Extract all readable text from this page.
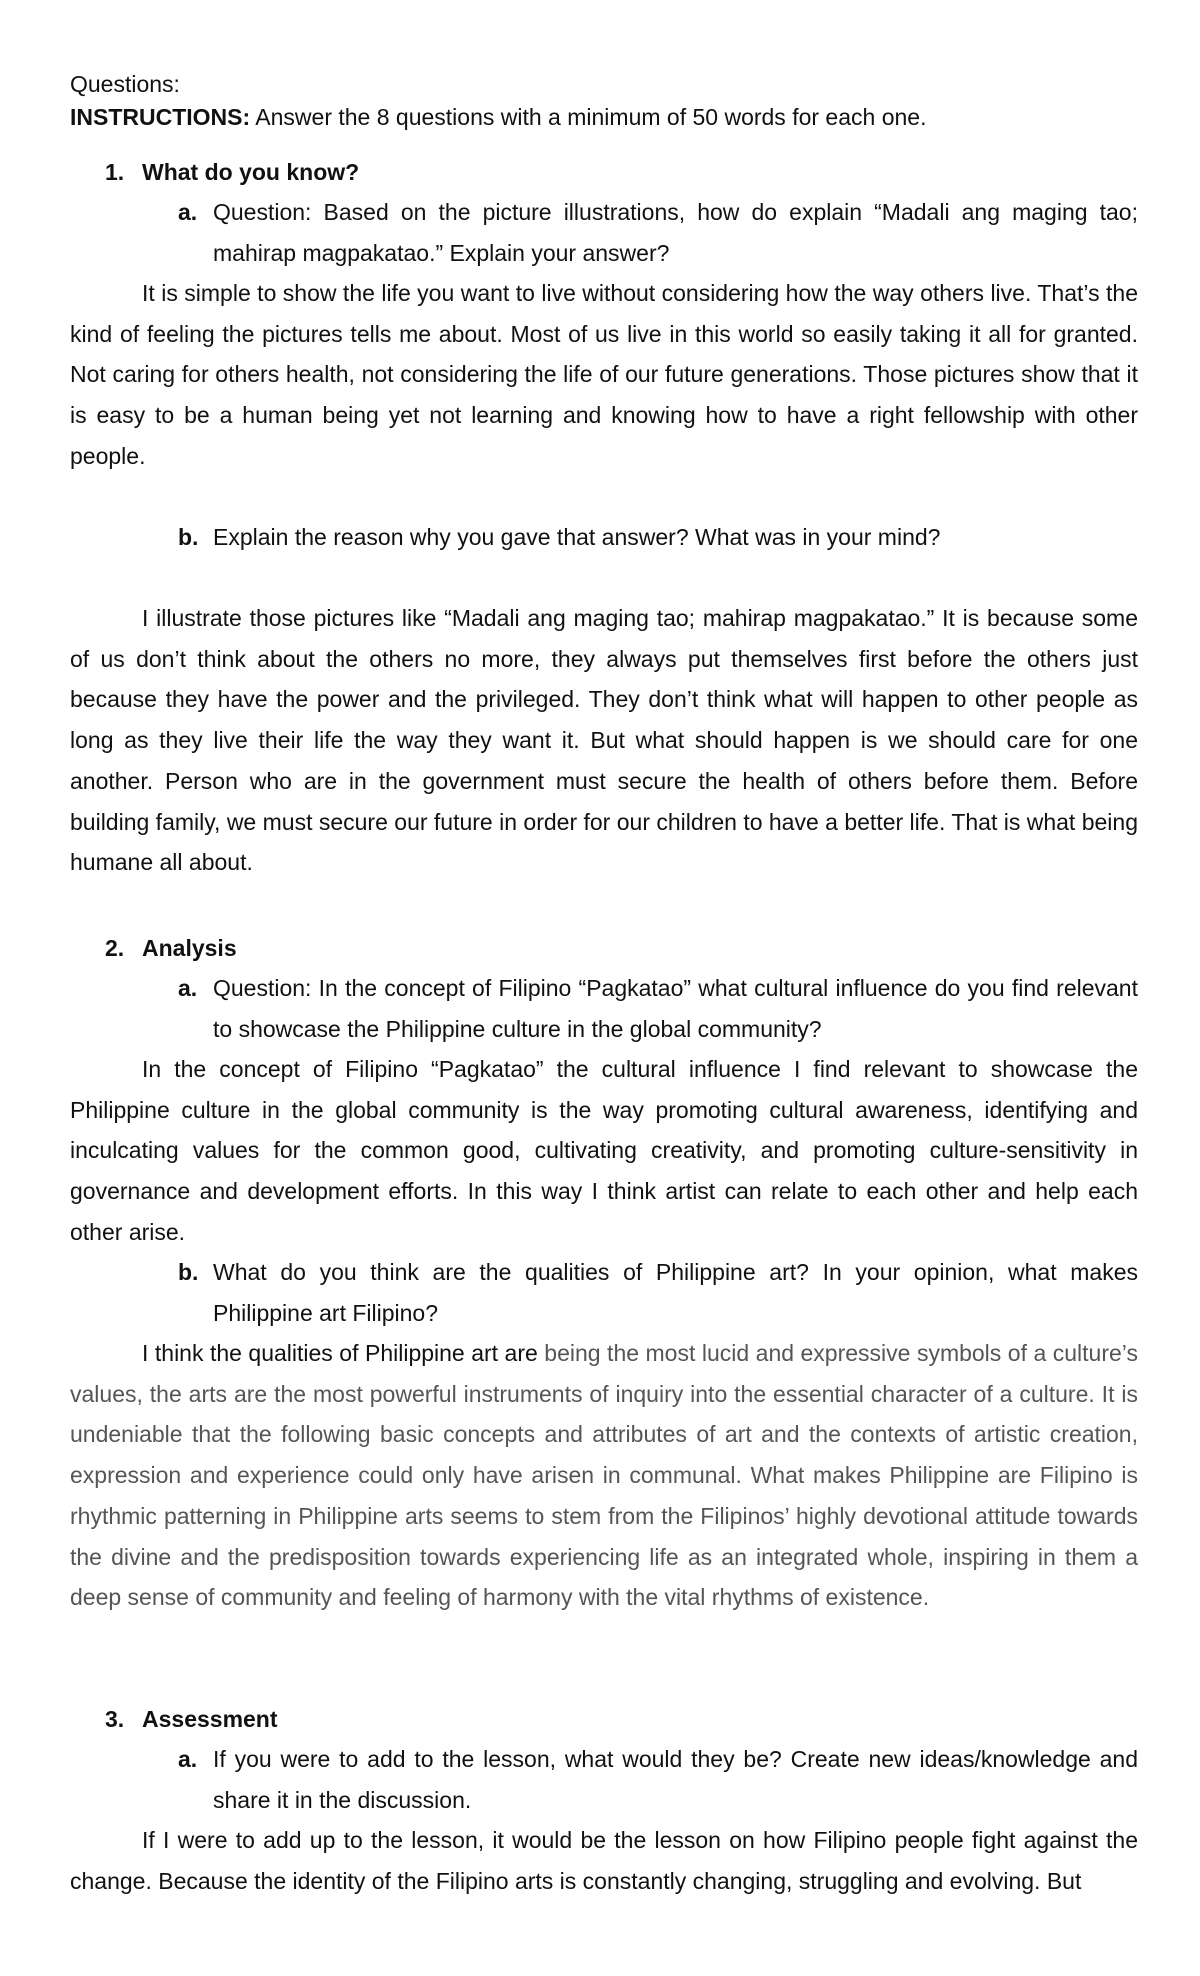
Questions:
INSTRUCTIONS: Answer the 8 questions with a minimum of 50 words for each one.
1. What do you know?
a. Question: Based on the picture illustrations, how do explain “Madali ang maging tao; mahirap magpakatao.” Explain your answer?
It is simple to show the life you want to live without considering how the way others live. That’s the kind of feeling the pictures tells me about. Most of us live in this world so easily taking it all for granted. Not caring for others health, not considering the life of our future generations. Those pictures show that it is easy to be a human being yet not learning and knowing how to have a right fellowship with other people.
b. Explain the reason why you gave that answer? What was in your mind?
I illustrate those pictures like “Madali ang maging tao; mahirap magpakatao.” It is because some of us don’t think about the others no more, they always put themselves first before the others just because they have the power and the privileged. They don’t think what will happen to other people as long as they live their life the way they want it. But what should happen is we should care for one another. Person who are in the government must secure the health of others before them. Before building family, we must secure our future in order for our children to have a better life. That is what being humane all about.
2. Analysis
a. Question: In the concept of Filipino “Pagkatao” what cultural influence do you find relevant to showcase the Philippine culture in the global community?
In the concept of Filipino “Pagkatao” the cultural influence I find relevant to showcase the Philippine culture in the global community is the way promoting cultural awareness, identifying and inculcating values for the common good, cultivating creativity, and promoting culture-sensitivity in governance and development efforts. In this way I think artist can relate to each other and help each other arise.
b. What do you think are the qualities of Philippine art? In your opinion, what makes Philippine art Filipino?
I think the qualities of Philippine art are being the most lucid and expressive symbols of a culture’s values, the arts are the most powerful instruments of inquiry into the essential character of a culture. It is undeniable that the following basic concepts and attributes of art and the contexts of artistic creation, expression and experience could only have arisen in communal. What makes Philippine are Filipino is rhythmic patterning in Philippine arts seems to stem from the Filipinos’ highly devotional attitude towards the divine and the predisposition towards experiencing life as an integrated whole, inspiring in them a deep sense of community and feeling of harmony with the vital rhythms of existence.
3. Assessment
a. If you were to add to the lesson, what would they be? Create new ideas/knowledge and share it in the discussion.
If I were to add up to the lesson, it would be the lesson on how Filipino people fight against the change. Because the identity of the Filipino arts is constantly changing, struggling and evolving. But
